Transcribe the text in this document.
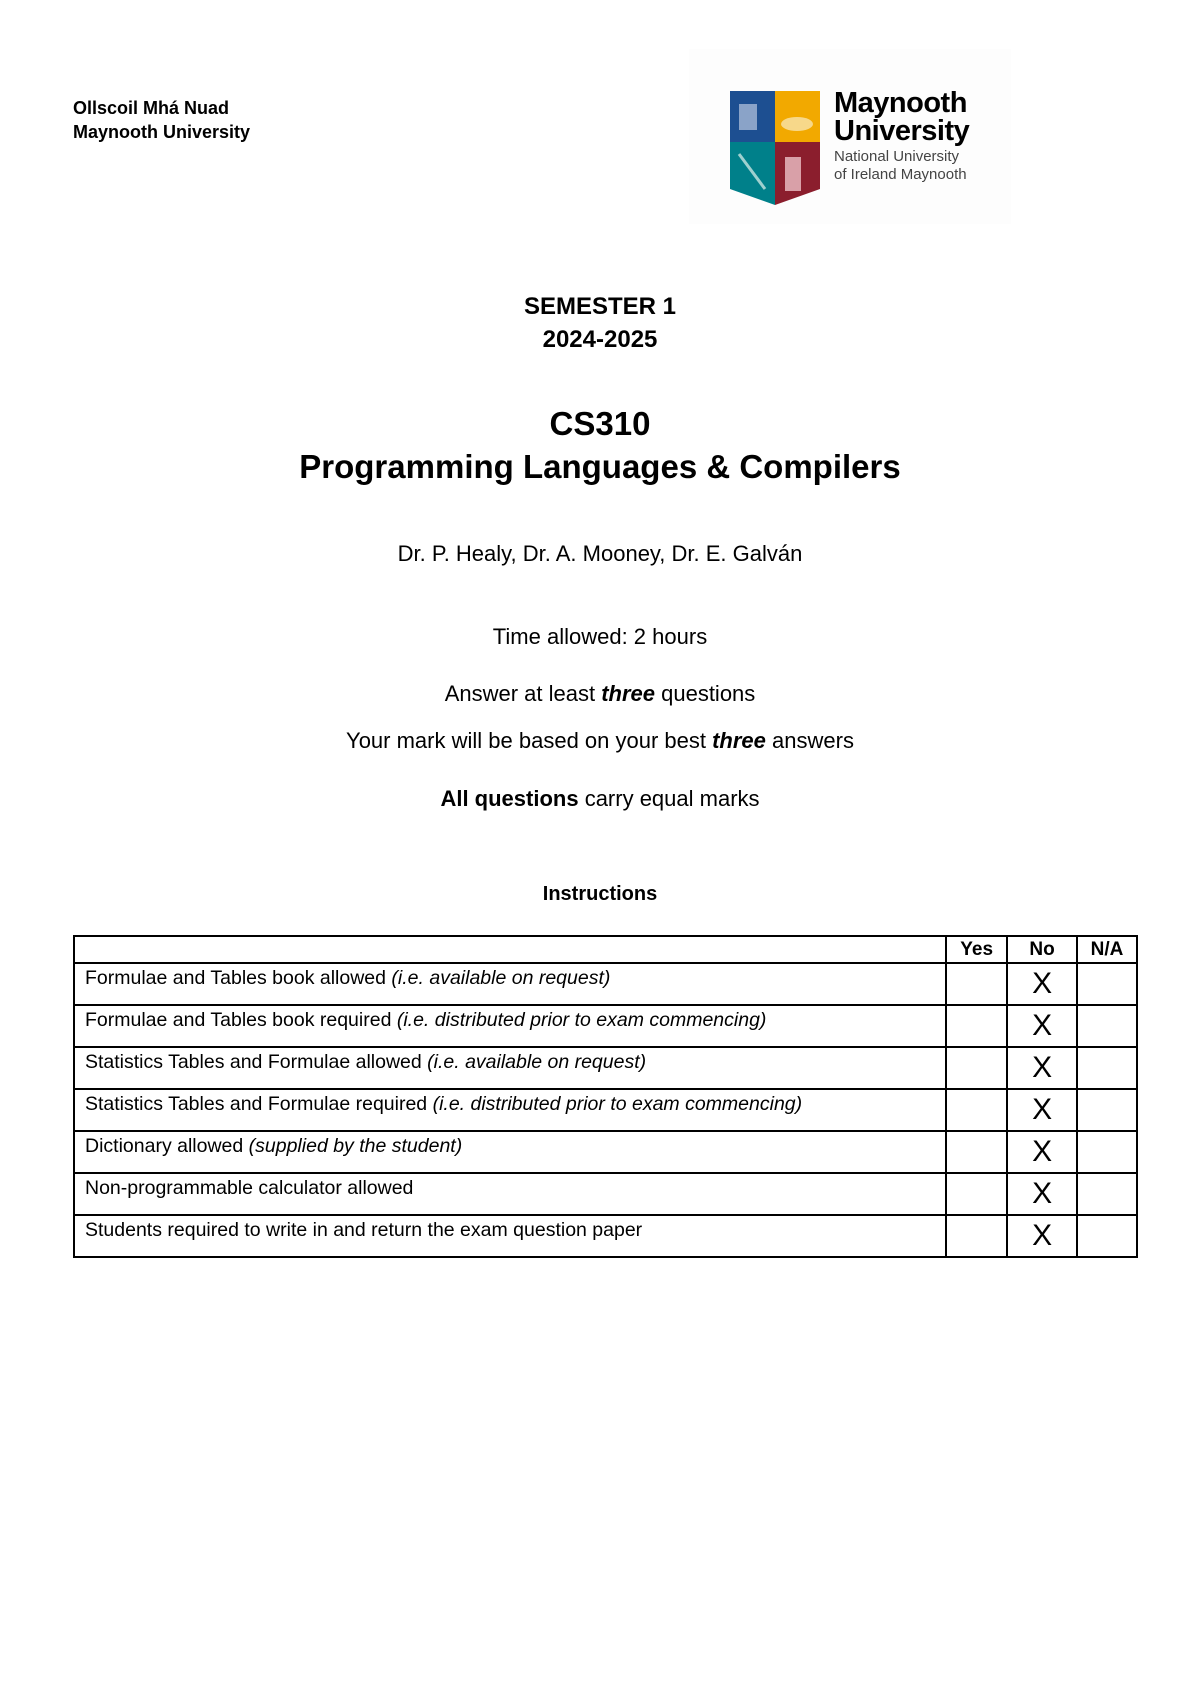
Ollscoil Mhá Nuad
Maynooth University
Maynooth
University
National University
of Ireland Maynooth
SEMESTER 1
2024-2025
CS310
Programming Languages & Compilers
Dr. P. Healy, Dr. A. Mooney, Dr. E. Galván
Time allowed: 2 hours
Answer at least three questions
Your mark will be based on your best three answers
All questions carry equal marks
Instructions
	Yes	No	N/A
Formulae and Tables book allowed (i.e. available on request)		X	
Formulae and Tables book required (i.e. distributed prior to exam commencing)		X	
Statistics Tables and Formulae allowed (i.e. available on request)		X	
Statistics Tables and Formulae required (i.e. distributed prior to exam commencing)		X	
Dictionary allowed (supplied by the student)		X	
Non-programmable calculator allowed		X	
Students required to write in and return the exam question paper		X	
